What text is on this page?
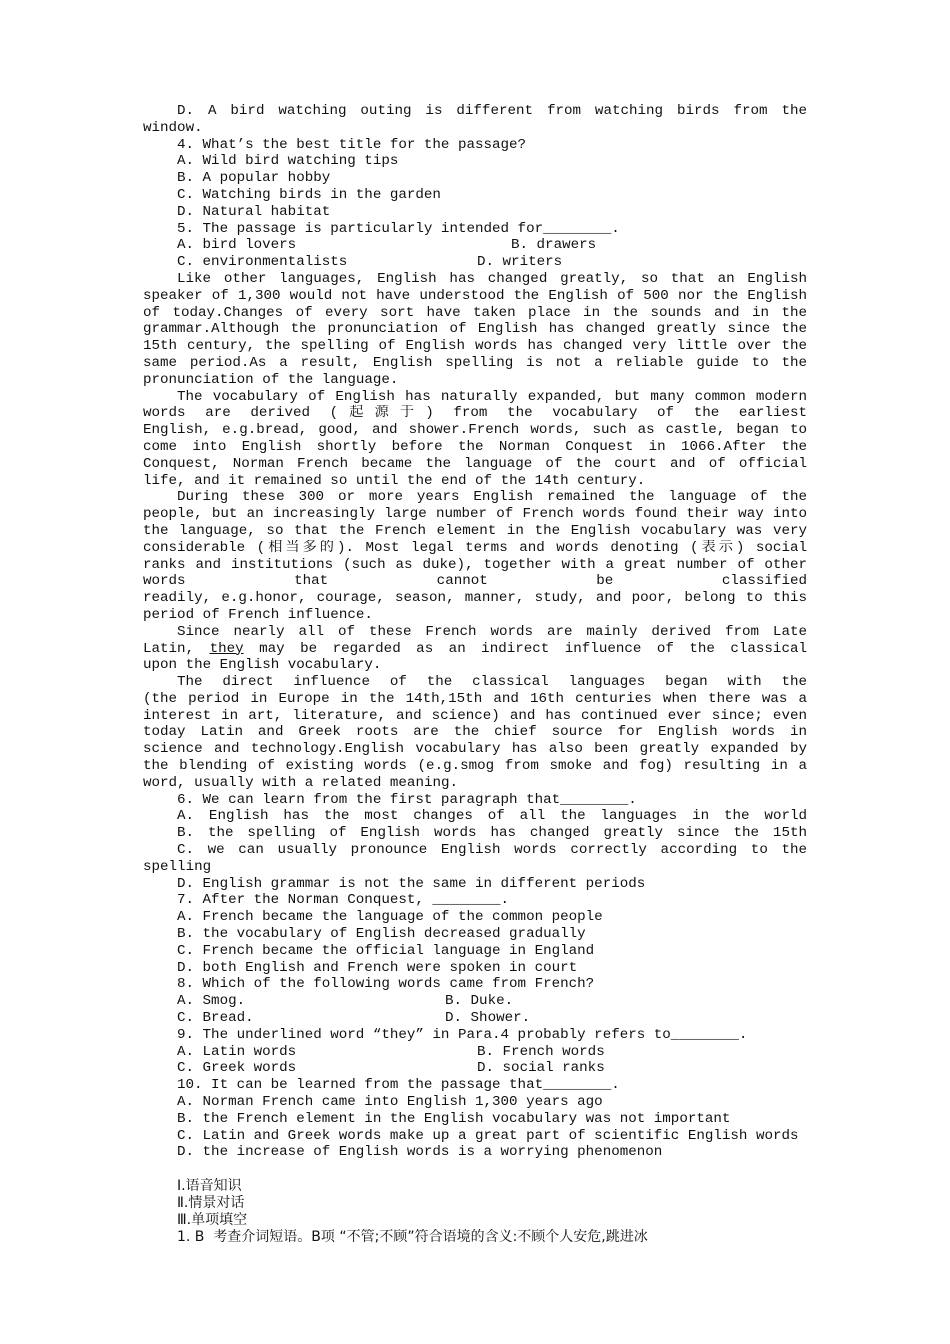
D. A bird watching outing is different from watching birds from the
window.
4. What’s the best title for the passage?
A. Wild bird watching tips
B. A popular hobby
C. Watching birds in the garden
D. Natural habitat
5. The passage is particularly intended for________.
A. bird lovers	B. drawers
C. environmentalists	D. writers
Like other languages, English has changed greatly, so that an English
speaker of 1,300 would not have understood the English of 500 nor the English
of today.Changes of every sort have taken place in the sounds and in the
grammar.Although the pronunciation of English has changed greatly since the
15th century, the spelling of English words has changed very little over the
same period.As a result, English spelling is not a reliable guide to the
pronunciation of the language.
The vocabulary of English has naturally expanded, but many common modern
words are derived (起源于) from the vocabulary of the earliest
English, e.g.bread, good, and shower.French words, such as castle, began to
come into English shortly before the Norman Conquest in 1066.After the
Conquest, Norman French became the language of the court and of official
life, and it remained so until the end of the 14th century.
During these 300 or more years English remained the language of the
people, but an increasingly large number of French words found their way into
the language, so that the French element in the English vocabulary was very
considerable (相当多的). Most legal terms and words denoting (表示) social
ranks and institutions (such as duke), together with a great number of other
words that cannot be classified
readily, e.g.honor, courage, season, manner, study, and poor, belong to this
period of French influence.
Since nearly all of these French words are mainly derived from Late
Latin, they may be regarded as an indirect influence of the classical
upon the English vocabulary.
The direct influence of the classical languages began with the
(the period in Europe in the 14th,15th and 16th centuries when there was a
interest in art, literature, and science) and has continued ever since; even
today Latin and Greek roots are the chief source for English words in
science and technology.English vocabulary has also been greatly expanded by
the blending of existing words (e.g.smog from smoke and fog) resulting in a
word, usually with a related meaning.
6. We can learn from the first paragraph that________.
A. English has the most changes of all the languages in the world
B. the spelling of English words has changed greatly since the 15th
C. we can usually pronounce English words correctly according to the
spelling
D. English grammar is not the same in different periods
7. After the Norman Conquest, ________.
A. French became the language of the common people
B. the vocabulary of English decreased gradually
C. French became the official language in England
D. both English and French were spoken in court
8. Which of the following words came from French?
A. Smog.	B. Duke.
C. Bread.	D. Shower.
9. The underlined word “they” in Para.4 probably refers to________.
A. Latin words	B. French words
C. Greek words	D. social ranks
10. It can be learned from the passage that________.
A. Norman French came into English 1,300 years ago
B. the French element in the English vocabulary was not important
C. Latin and Greek words make up a great part of scientific English words
D. the increase of English words is a worrying phenomenon
Ⅰ.语音知识
Ⅱ.情景对话
Ⅲ.单项填空
1. B  考查介词短语。B项 “不管;不顾”符合语境的含义:不顾个人安危,跳进冰
